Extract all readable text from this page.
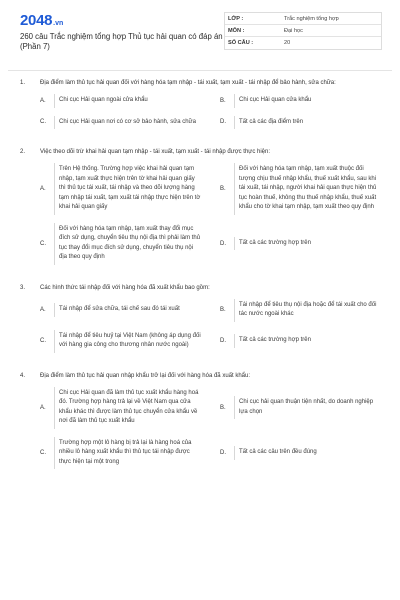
2048 .vn
260 câu Trắc nghiệm tổng hợp Thủ tục hải quan có đáp án (Phần 7)
LỚP :	Trắc nghiệm tổng hợp
MÔN :	Đại học
SỐ CÂU :	20
1. Địa điểm làm thủ tục hải quan đối với hàng hóa tạm nhập - tái xuất, tạm xuất - tái nhập để bảo hành, sửa chữa:
A.	Chi cục Hải quan ngoài cửa khẩu	B.	Chi cục Hải quan cửa khẩu
C.	Chi cục Hải quan nơi có cơ sở bảo hành, sửa chữa	D.	Tất cả các địa điểm trên
2. Việc theo dõi trừ khai hải quan tạm nhập - tái xuất, tạm xuất - tái nhập được thực hiện:
A.
Trên Hệ thống. Trường hợp việc khai hải quan tạm nhập, tạm xuất thực hiện trên tờ khai hải quan giấy thì thủ tục tái xuất, tái nhập và theo dõi lượng hàng tạm nhập tái xuất, tạm xuất tái nhập thực hiện trên tờ khai hải quan giấy
B.
Đối với hàng hóa tạm nhập, tạm xuất thuộc đối tượng chịu thuế nhập khẩu, thuế xuất khẩu, sau khi tái xuất, tái nhập, người khai hải quan thực hiện thủ tục hoàn thuế, không thu thuế nhập khẩu, thuế xuất khẩu cho tờ khai tạm nhập, tạm xuất theo quy định
C.
Đối với hàng hóa tạm nhập, tạm xuất thay đổi mục đích sử dụng, chuyển tiêu thụ nội địa thì phải làm thủ tục thay đổi mục đích sử dụng, chuyển tiêu thụ nội địa theo quy định
D.	Tất cả các trường hợp trên
3. Các hình thức tái nhập đối với hàng hóa đã xuất khẩu bao gồm:
A.	Tái nhập để sửa chữa, tái chế sau đó tái xuất	B.
Tái nhập để tiêu thụ nội địa hoặc để tái xuất cho đối tác nước ngoài khác
C.
Tái nhập để tiêu huỷ tại Việt Nam (không áp dụng đối với hàng gia công cho thương nhân nước ngoài)
D.	Tất cả các trường hợp trên
4. Địa điểm làm thủ tục hải quan nhập khẩu trở lại đối với hàng hóa đã xuất khẩu:
A.
Chi cục Hải quan đã làm thủ tục xuất khẩu hàng hoá đó. Trường hợp hàng trả lại về Việt Nam qua cửa khẩu khác thì được làm thủ tục chuyển cửa khẩu về nơi đã làm thủ tục xuất khẩu
B.
Chi cục hải quan thuận tiện nhất, do doanh nghiệp lựa chọn
C.
Trường hợp một lô hàng bị trả lại là hàng hoá của nhiều lô hàng xuất khẩu thì thủ tục tái nhập được thực hiện tại một trong
D.	Tất cả các câu trên đều đúng
